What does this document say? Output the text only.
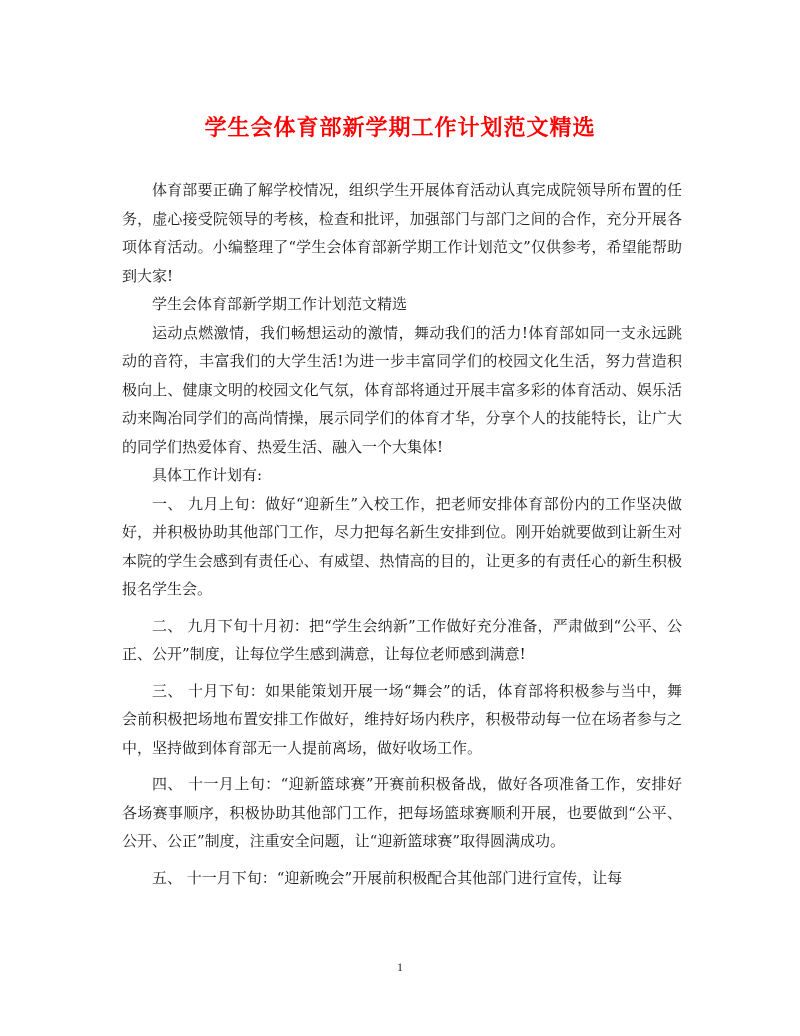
学生会体育部新学期工作计划范文精选

体育部要正确了解学校情况，组织学生开展体育活动认真完成院领导所布置的任务，虚心接受院领导的考核，检查和批评，加强部门与部门之间的合作，充分开展各项体育活动。小编整理了“学生会体育部新学期工作计划范文”仅供参考，希望能帮助到大家!

学生会体育部新学期工作计划范文精选

运动点燃激情，我们畅想运动的激情，舞动我们的活力!体育部如同一支永远跳动的音符，丰富我们的大学生活!为进一步丰富同学们的校园文化生活，努力营造积极向上、健康文明的校园文化气氛，体育部将通过开展丰富多彩的体育活动、娱乐活动来陶冶同学们的高尚情操，展示同学们的体育才华，分享个人的技能特长，让广大的同学们热爱体育、热爱生活、融入一个大集体!

具体工作计划有:

一、 九月上旬：做好“迎新生”入校工作，把老师安排体育部份内的工作坚决做好，并积极协助其他部门工作，尽力把每名新生安排到位。刚开始就要做到让新生对本院的学生会感到有责任心、有威望、热情高的目的，让更多的有责任心的新生积极报名学生会。

二、 九月下旬十月初：把“学生会纳新”工作做好充分准备，严肃做到“公平、公正、公开”制度，让每位学生感到满意，让每位老师感到满意!

三、 十月下旬：如果能策划开展一场“舞会”的话，体育部将积极参与当中，舞会前积极把场地布置安排工作做好，维持好场内秩序，积极带动每一位在场者参与之中，坚持做到体育部无一人提前离场，做好收场工作。

四、 十一月上旬：“迎新篮球赛”开赛前积极备战，做好各项准备工作，安排好各场赛事顺序，积极协助其他部门工作，把每场篮球赛顺利开展，也要做到“公平、公开、公正”制度，注重安全问题，让“迎新篮球赛”取得圆满成功。

五、 十一月下旬：“迎新晚会”开展前积极配合其他部门进行宣传，让每

1
